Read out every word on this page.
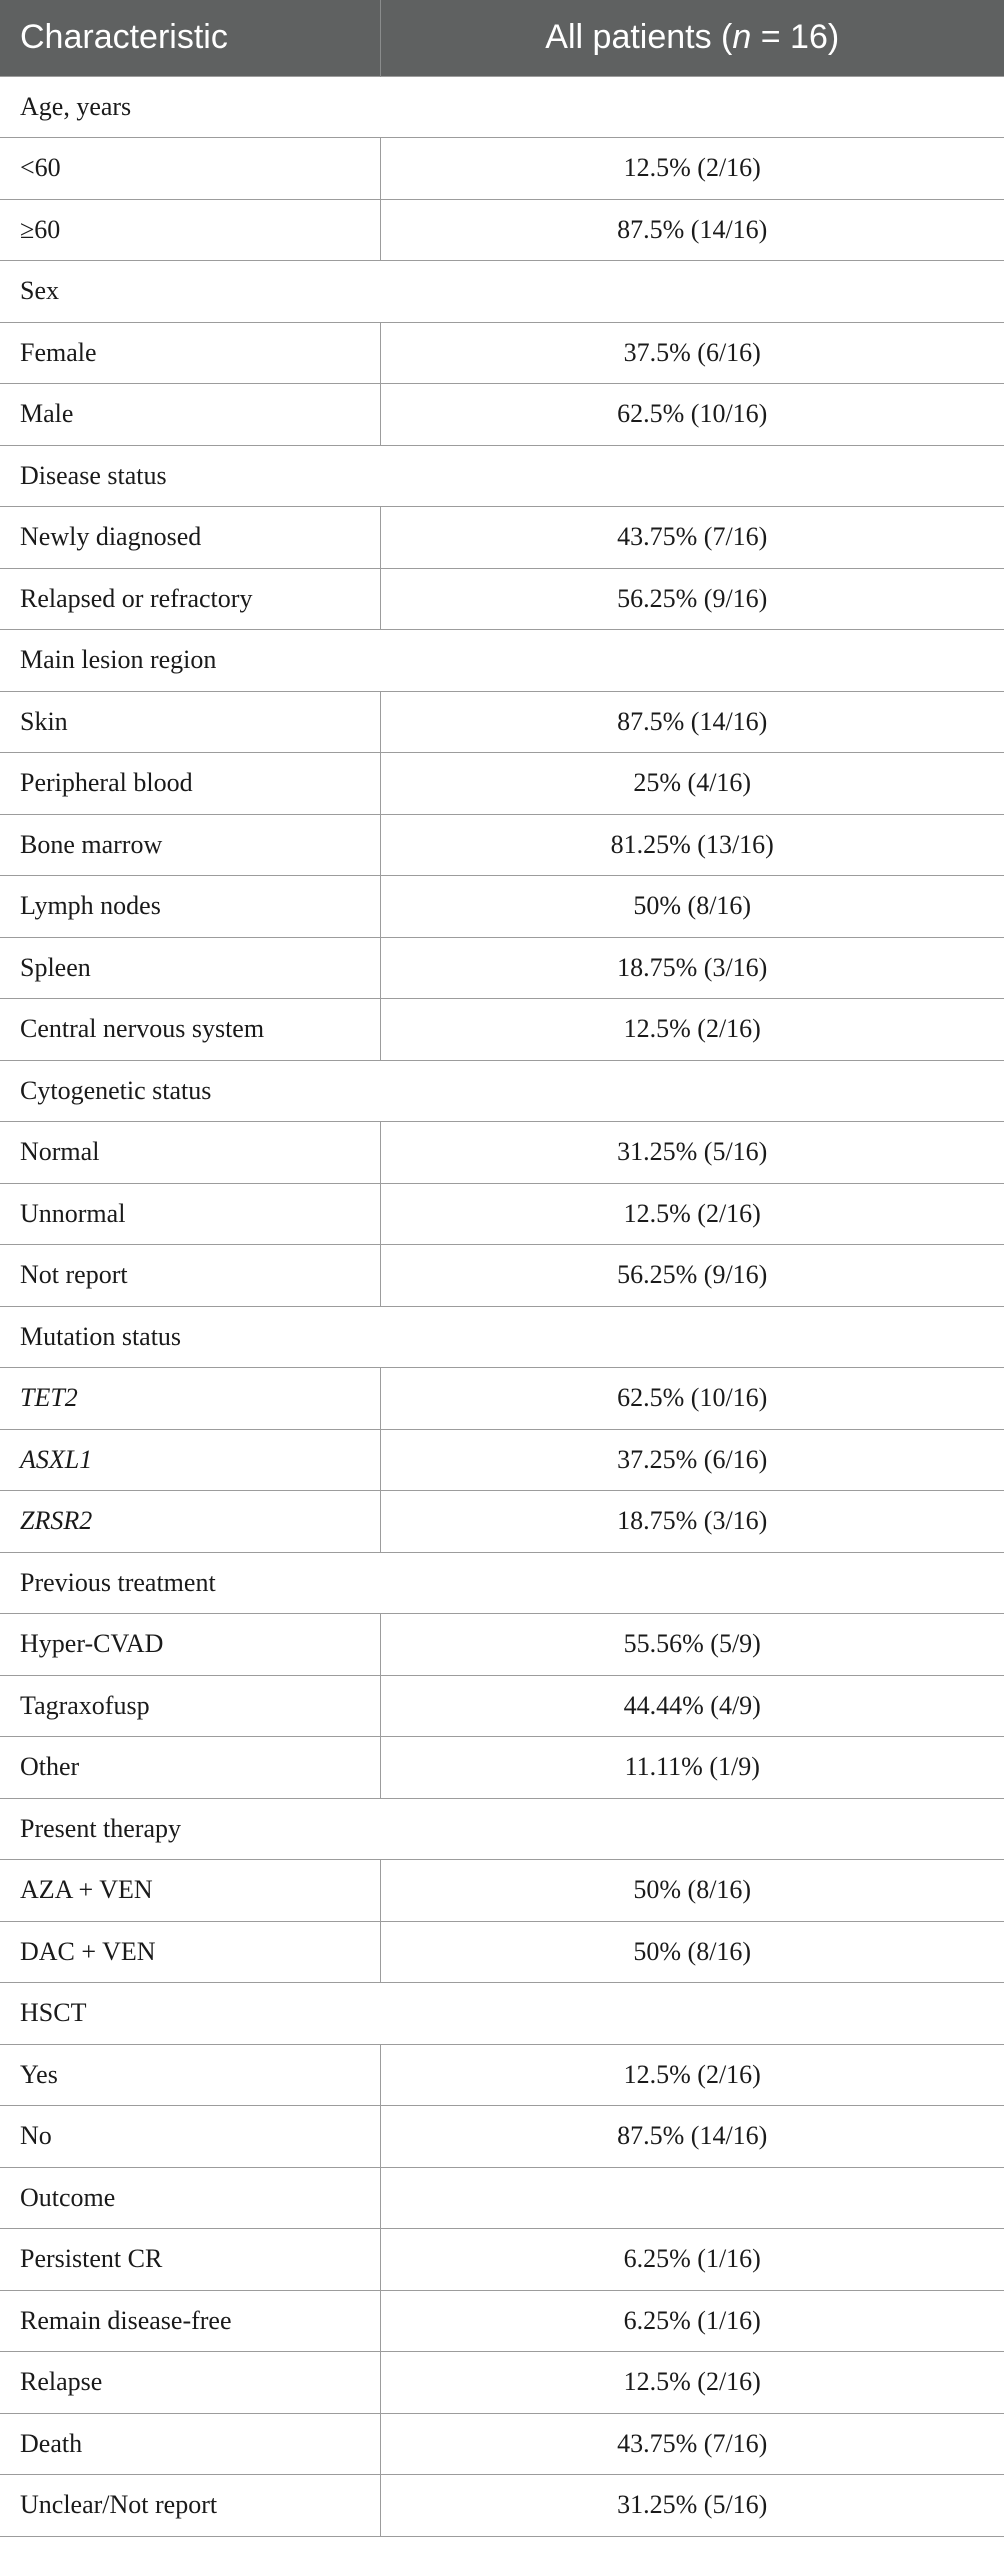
Characteristic	All patients (n = 16)
Age, years	
<60	12.5% (2/16)
≥60	87.5% (14/16)
Sex	
Female	37.5% (6/16)
Male	62.5% (10/16)
Disease status	
Newly diagnosed	43.75% (7/16)
Relapsed or refractory	56.25% (9/16)
Main lesion region	
Skin	87.5% (14/16)
Peripheral blood	25% (4/16)
Bone marrow	81.25% (13/16)
Lymph nodes	50% (8/16)
Spleen	18.75% (3/16)
Central nervous system	12.5% (2/16)
Cytogenetic status	
Normal	31.25% (5/16)
Unnormal	12.5% (2/16)
Not report	56.25% (9/16)
Mutation status	
TET2	62.5% (10/16)
ASXL1	37.25% (6/16)
ZRSR2	18.75% (3/16)
Previous treatment	
Hyper-CVAD	55.56% (5/9)
Tagraxofusp	44.44% (4/9)
Other	11.11% (1/9)
Present therapy	
AZA + VEN	50% (8/16)
DAC + VEN	50% (8/16)
HSCT	
Yes	12.5% (2/16)
No	87.5% (14/16)
Outcome	
Persistent CR	6.25% (1/16)
Remain disease-free	6.25% (1/16)
Relapse	12.5% (2/16)
Death	43.75% (7/16)
Unclear/Not report	31.25% (5/16)
